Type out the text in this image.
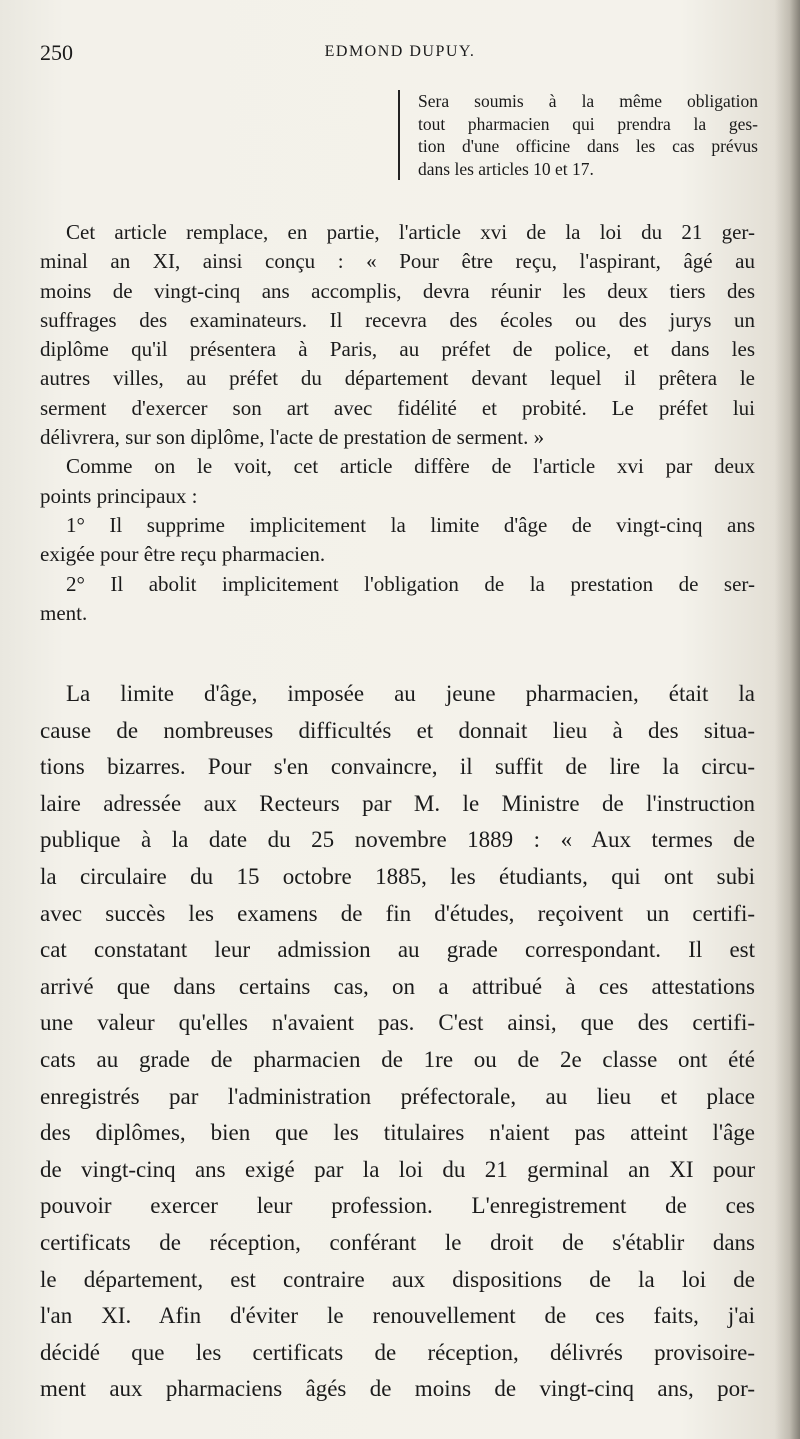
250	EDMOND DUPUY.
Sera soumis à la même obligation
tout pharmacien qui prendra la ges-
tion d'une officine dans les cas prévus
dans les articles 10 et 17.
Cet article remplace, en partie, l'article xvi de la loi du 21 ger-
minal an XI, ainsi conçu : « Pour être reçu, l'aspirant, âgé au
moins de vingt-cinq ans accomplis, devra réunir les deux tiers des
suffrages des examinateurs. Il recevra des écoles ou des jurys un
diplôme qu'il présentera à Paris, au préfet de police, et dans les
autres villes, au préfet du département devant lequel il prêtera le
serment d'exercer son art avec fidélité et probité. Le préfet lui
délivrera, sur son diplôme, l'acte de prestation de serment. »
Comme on le voit, cet article diffère de l'article xvi par deux
points principaux :
1° Il supprime implicitement la limite d'âge de vingt-cinq ans
exigée pour être reçu pharmacien.
2° Il abolit implicitement l'obligation de la prestation de ser-
ment.
La limite d'âge, imposée au jeune pharmacien, était la
cause de nombreuses difficultés et donnait lieu à des situa-
tions bizarres. Pour s'en convaincre, il suffit de lire la circu-
laire adressée aux Recteurs par M. le Ministre de l'instruction
publique à la date du 25 novembre 1889 : « Aux termes de
la circulaire du 15 octobre 1885, les étudiants, qui ont subi
avec succès les examens de fin d'études, reçoivent un certifi-
cat constatant leur admission au grade correspondant. Il est
arrivé que dans certains cas, on a attribué à ces attestations
une valeur qu'elles n'avaient pas. C'est ainsi, que des certifi-
cats au grade de pharmacien de 1re ou de 2e classe ont été
enregistrés par l'administration préfectorale, au lieu et place
des diplômes, bien que les titulaires n'aient pas atteint l'âge
de vingt-cinq ans exigé par la loi du 21 germinal an XI pour
pouvoir exercer leur profession. L'enregistrement de ces
certificats de réception, conférant le droit de s'établir dans
le département, est contraire aux dispositions de la loi de
l'an XI. Afin d'éviter le renouvellement de ces faits, j'ai
décidé que les certificats de réception, délivrés provisoire-
ment aux pharmaciens âgés de moins de vingt-cinq ans, por-
